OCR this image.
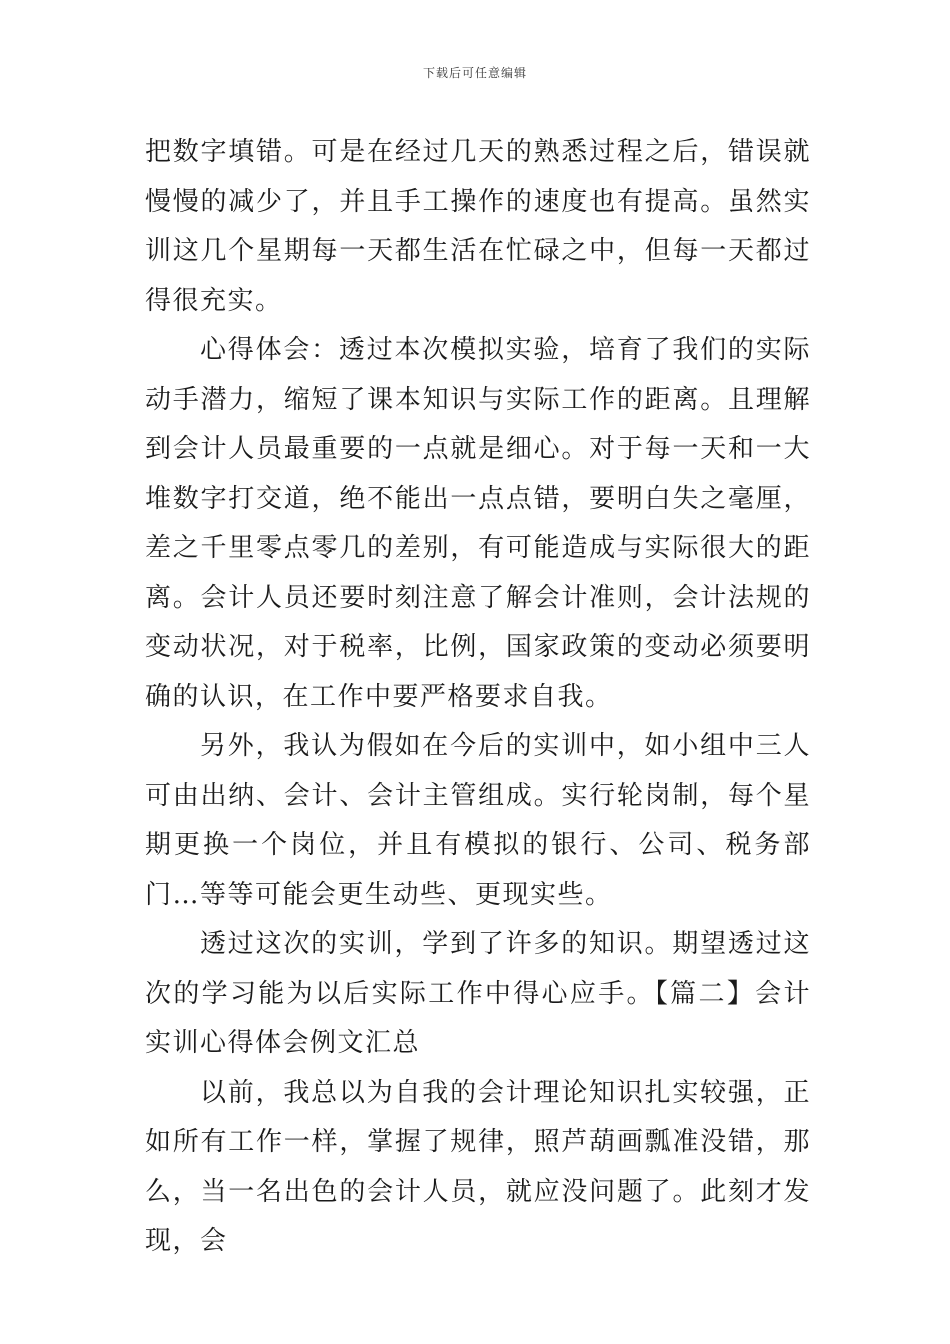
下载后可任意编辑

把数字填错。可是在经过几天的熟悉过程之后，错误就慢慢的减少了，并且手工操作的速度也有提高。虽然实训这几个星期每一天都生活在忙碌之中，但每一天都过得很充实。

心得体会：透过本次模拟实验，培育了我们的实际动手潜力，缩短了课本知识与实际工作的距离。且理解到会计人员最重要的一点就是细心。对于每一天和一大堆数字打交道，绝不能出一点点错，要明白失之毫厘，差之千里零点零几的差别，有可能造成与实际很大的距离。会计人员还要时刻注意了解会计准则，会计法规的变动状况，对于税率，比例，国家政策的变动必须要明确的认识，在工作中要严格要求自我。

另外，我认为假如在今后的实训中，如小组中三人可由出纳、会计、会计主管组成。实行轮岗制，每个星期更换一个岗位，并且有模拟的银行、公司、税务部门…等等可能会更生动些、更现实些。

透过这次的实训，学到了许多的知识。期望透过这次的学习能为以后实际工作中得心应手。【篇二】会计实训心得体会例文汇总

以前，我总以为自我的会计理论知识扎实较强，正如所有工作一样，掌握了规律，照芦葫画瓢准没错，那么，当一名出色的会计人员，就应没问题了。此刻才发现，会
